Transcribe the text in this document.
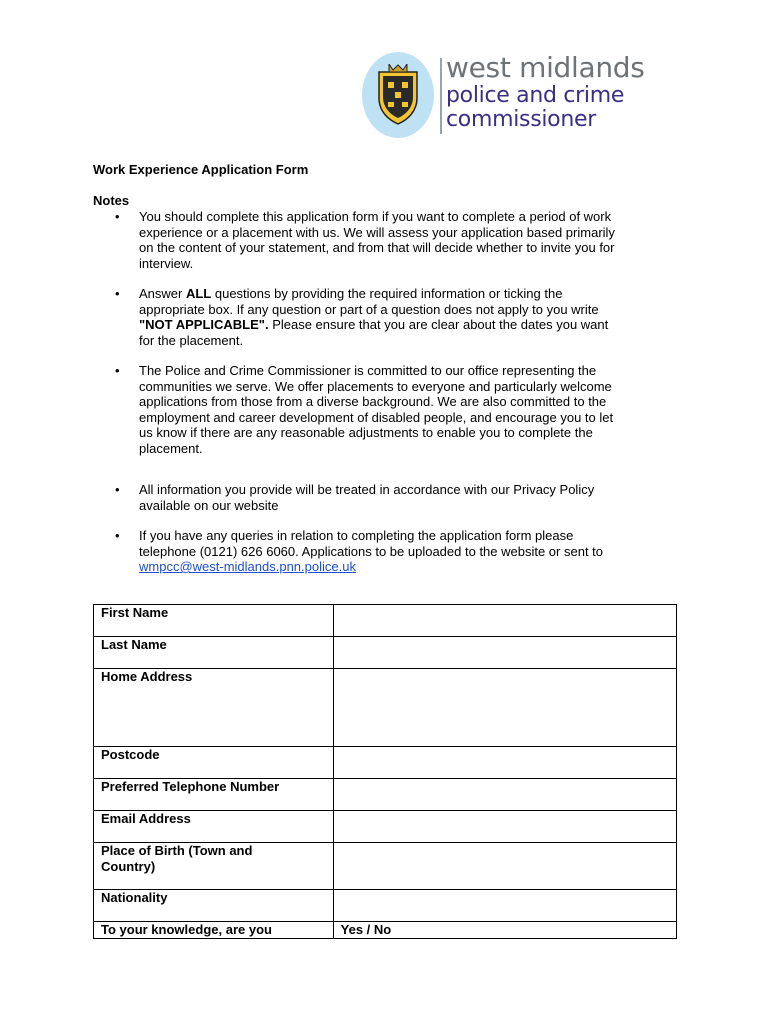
west midlands
police and crime
commissioner
Work Experience Application Form
Notes
• You should complete this application form if you want to complete a period of work
experience or a placement with us. We will assess your application based primarily
on the content of your statement, and from that will decide whether to invite you for
interview.
• Answer ALL questions by providing the required information or ticking the
appropriate box. If any question or part of a question does not apply to you write
"NOT APPLICABLE". Please ensure that you are clear about the dates you want
for the placement.
• The Police and Crime Commissioner is committed to our office representing the
communities we serve. We offer placements to everyone and particularly welcome
applications from those from a diverse background. We are also committed to the
employment and career development of disabled people, and encourage you to let
us know if there are any reasonable adjustments to enable you to complete the
placement.
• All information you provide will be treated in accordance with our Privacy Policy
available on our website
• If you have any queries in relation to completing the application form please
telephone (0121) 626 6060. Applications to be uploaded to the website or sent to
wmpcc@west-midlands.pnn.police.uk
First Name	
Last Name	
Home Address	
Postcode	
Preferred Telephone Number	
Email Address	

Place of Birth (Town and
Country)	

Nationality	
To your knowledge, are you	Yes / No
